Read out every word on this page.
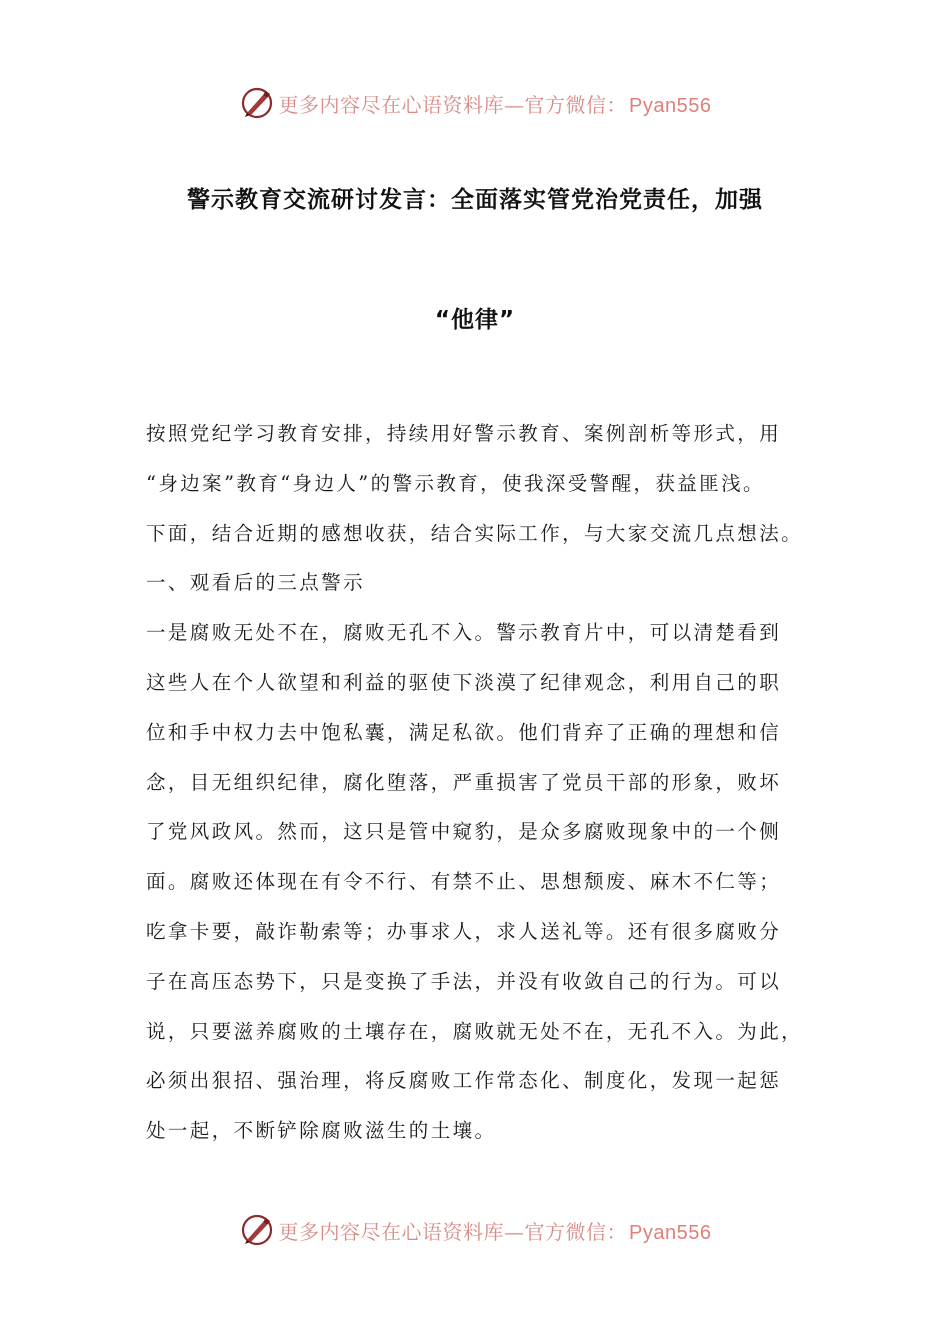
更多内容尽在心语资料库—官方微信： Pyan556
警示教育交流研讨发言：全面落实管党治党责任，加强
“他律”
按照党纪学习教育安排，持续用好警示教育、案例剖析等形式，用
“身边案”教育“身边人”的警示教育，使我深受警醒，获益匪浅。
下面，结合近期的感想收获，结合实际工作，与大家交流几点想法。
一、观看后的三点警示
一是腐败无处不在，腐败无孔不入。警示教育片中，可以清楚看到
这些人在个人欲望和利益的驱使下淡漠了纪律观念，利用自己的职
位和手中权力去中饱私囊，满足私欲。他们背弃了正确的理想和信
念，目无组织纪律，腐化堕落，严重损害了党员干部的形象，败坏
了党风政风。然而，这只是管中窥豹，是众多腐败现象中的一个侧
面。腐败还体现在有令不行、有禁不止、思想颓废、麻木不仁等；
吃拿卡要，敲诈勒索等；办事求人，求人送礼等。还有很多腐败分
子在高压态势下，只是变换了手法，并没有收敛自己的行为。可以
说，只要滋养腐败的土壤存在，腐败就无处不在，无孔不入。为此，
必须出狠招、强治理，将反腐败工作常态化、制度化，发现一起惩
处一起，不断铲除腐败滋生的土壤。
更多内容尽在心语资料库—官方微信： Pyan556
